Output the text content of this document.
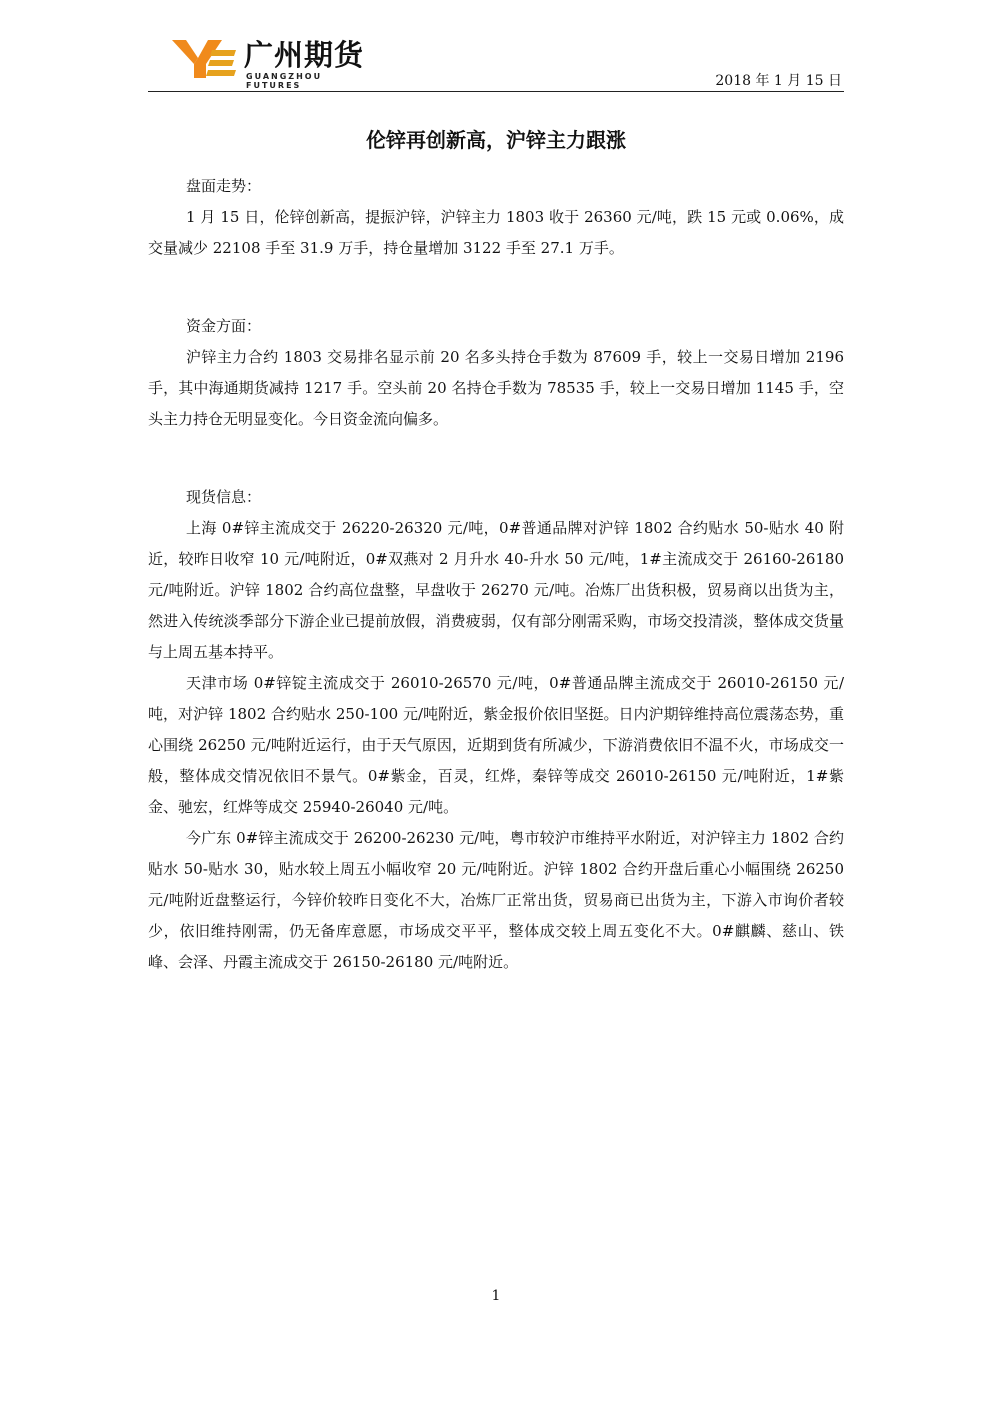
广州期货
GUANGZHOU FUTURES	2018 年 1 月 15 日
伦锌再创新高，沪锌主力跟涨

盘面走势：

1 月 15 日，伦锌创新高，提振沪锌，沪锌主力 1803 收于 26360 元/吨，跌 15 元或 0.06%，成交量减少 22108 手至 31.9 万手，持仓量增加 3122 手至 27.1 万手。

资金方面：

沪锌主力合约 1803 交易排名显示前 20 名多头持仓手数为 87609 手，较上一交易日增加 2196 手，其中海通期货减持 1217 手。空头前 20 名持仓手数为 78535 手，较上一交易日增加 1145 手，空头主力持仓无明显变化。今日资金流向偏多。

现货信息：

上海 0#锌主流成交于 26220-26320 元/吨，0#普通品牌对沪锌 1802 合约贴水 50-贴水 40 附近，较昨日收窄 10 元/吨附近，0#双燕对 2 月升水 40-升水 50 元/吨，1#主流成交于 26160-26180 元/吨附近。沪锌 1802 合约高位盘整，早盘收于 26270 元/吨。冶炼厂出货积极，贸易商以出货为主，然进入传统淡季部分下游企业已提前放假，消费疲弱，仅有部分刚需采购，市场交投清淡，整体成交货量与上周五基本持平。

天津市场 0#锌锭主流成交于 26010-26570 元/吨，0#普通品牌主流成交于 26010-26150 元/吨，对沪锌 1802 合约贴水 250-100 元/吨附近，紫金报价依旧坚挺。日内沪期锌维持高位震荡态势，重心围绕 26250 元/吨附近运行，由于天气原因，近期到货有所减少，下游消费依旧不温不火，市场成交一般，整体成交情况依旧不景气。0#紫金，百灵，红烨，秦锌等成交 26010-26150 元/吨附近，1#紫金、驰宏，红烨等成交 25940-26040 元/吨。

今广东 0#锌主流成交于 26200-26230 元/吨，粤市较沪市维持平水附近，对沪锌主力 1802 合约贴水 50-贴水 30，贴水较上周五小幅收窄 20 元/吨附近。沪锌 1802 合约开盘后重心小幅围绕 26250 元/吨附近盘整运行，今锌价较昨日变化不大，冶炼厂正常出货，贸易商已出货为主，下游入市询价者较少，依旧维持刚需，仍无备库意愿，市场成交平平，整体成交较上周五变化不大。0#麒麟、慈山、铁峰、会泽、丹霞主流成交于 26150-26180 元/吨附近。

1
